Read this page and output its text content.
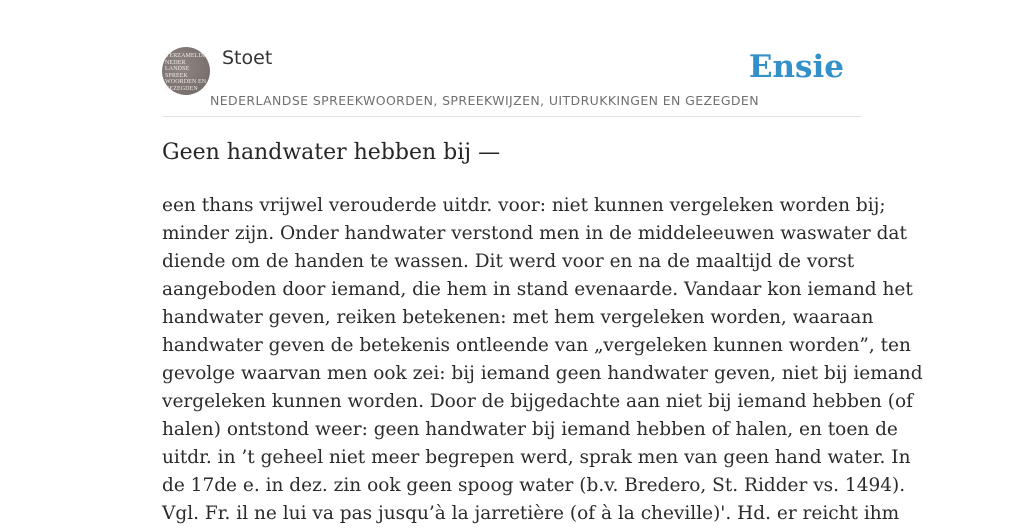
VERZAMELDE
NEDER
LANDSE
SPREEK
WOORDEN EN
GEZEGDEN
Stoet
NEDERLANDSE SPREEKWOORDEN, SPREEKWIJZEN, UITDRUKKINGEN EN GEZEGDEN
Ensie
Geen handwater hebben bij —
een thans vrijwel verouderde uitdr. voor: niet kunnen vergeleken worden bij;
minder zijn. Onder handwater verstond men in de middeleeuwen waswater dat
diende om de handen te wassen. Dit werd voor en na de maaltijd de vorst
aangeboden door iemand, die hem in stand evenaarde. Vandaar kon iemand het
handwater geven, reiken betekenen: met hem vergeleken worden, waaraan
handwater geven de betekenis ontleende van „vergeleken kunnen worden”, ten
gevolge waarvan men ook zei: bij iemand geen handwater geven, niet bij iemand
vergeleken kunnen worden. Door de bijgedachte aan niet bij iemand hebben (of
halen) ontstond weer: geen handwater bij iemand hebben of halen, en toen de
uitdr. in ’t geheel niet meer begrepen werd, sprak men van geen hand water. In
de 17de e. in dez. zin ook geen spoog water (b.v. Bredero, St. Ridder vs. 1494).
Vgl. Fr. il ne lui va pas jusqu’à la jarretière (of à la cheville)'. Hd. er reicht ihm
